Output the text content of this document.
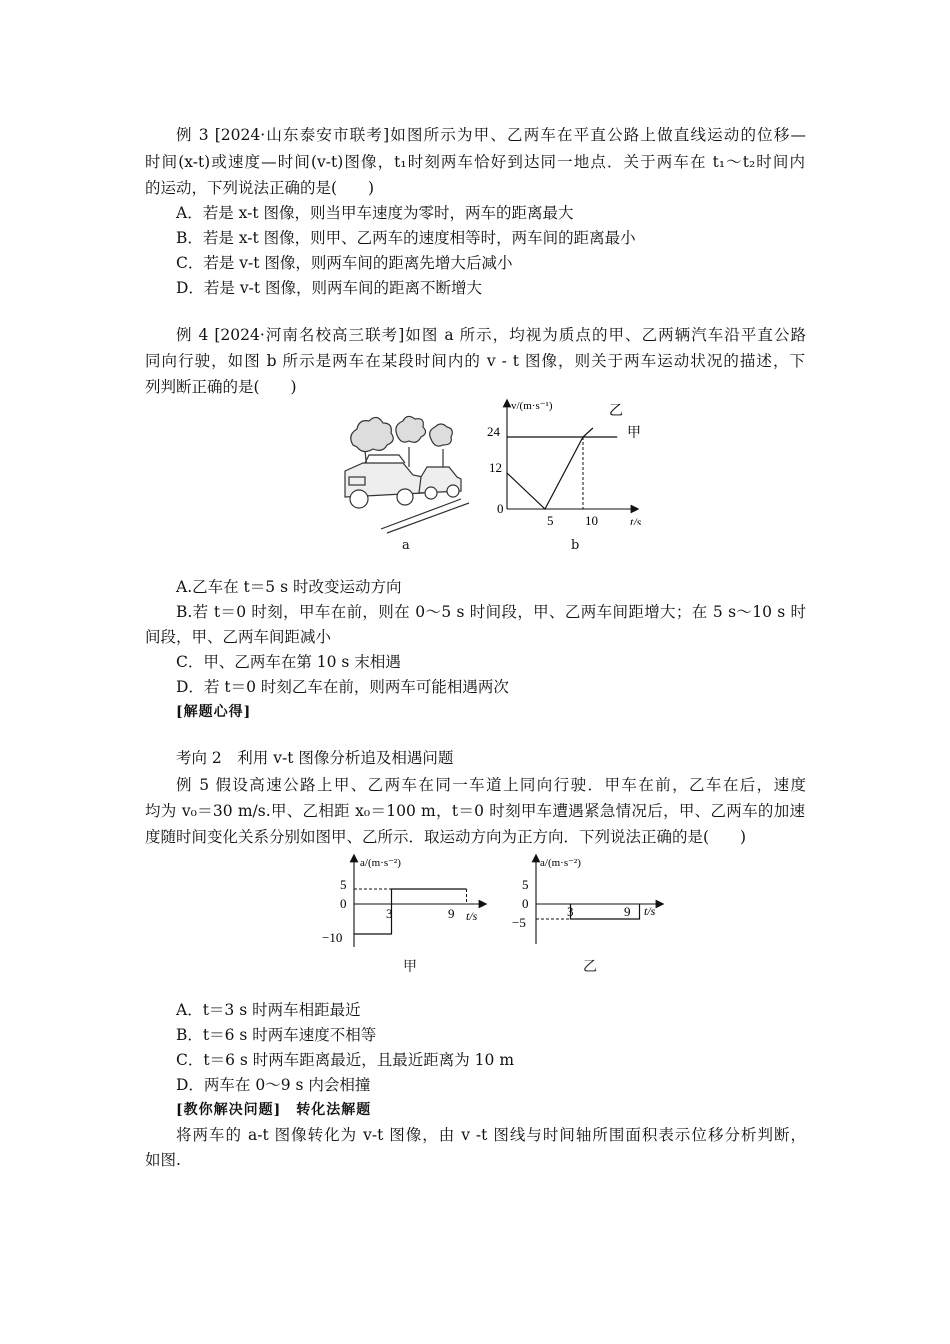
例 3 [2024·山东泰安市联考]如图所示为甲、乙两车在平直公路上做直线运动的位移—
时间(x-t)或速度—时间(v-t)图像，t₁时刻两车恰好到达同一地点．关于两车在 t₁～t₂时间内
的运动，下列说法正确的是(　　)
A．若是 x-t 图像，则当甲车速度为零时，两车的距离最大
B．若是 x-t 图像，则甲、乙两车的速度相等时，两车间的距离最小
C．若是 v-t 图像，则两车间的距离先增大后减小
D．若是 v-t 图像，则两车间的距离不断增大
例 4 [2024·河南名校高三联考]如图 a 所示，均视为质点的甲、乙两辆汽车沿平直公路
同向行驶，如图 b 所示是两车在某段时间内的 v - t 图像，则关于两车运动状况的描述，下
列判断正确的是(　　)
a
v/(m·s⁻¹)
t/s
24
12
0
5 10
甲
乙
b
A.乙车在 t＝5 s 时改变运动方向
B.若 t＝0 时刻，甲车在前，则在 0～5 s 时间段，甲、乙两车间距增大；在 5 s～10 s 时
间段，甲、乙两车间距减小
C．甲、乙两车在第 10 s 末相遇
D．若 t＝0 时刻乙车在前，则两车可能相遇两次
[解题心得]
考向 2　利用 v-t 图像分析追及相遇问题
例 5 假设高速公路上甲、乙两车在同一车道上同向行驶．甲车在前，乙车在后，速度
均为 v₀＝30 m/s.甲、乙相距 x₀＝100 m，t＝0 时刻甲车遭遇紧急情况后，甲、乙两车的加速
度随时间变化关系分别如图甲、乙所示．取运动方向为正方向．下列说法正确的是(　　)
a/(m·s⁻²)
t/s
5
0
−10
3	9
甲
a/(m·s⁻²)
t/s
5
0
−5
3	9
乙
A．t＝3 s 时两车相距最近
B．t＝6 s 时两车速度不相等
C．t＝6 s 时两车距离最近，且最近距离为 10 m
D．两车在 0～9 s 内会相撞
[教你解决问题]　转化法解题
将两车的 a-t 图像转化为 v-t 图像，由 v -t 图线与时间轴所围面积表示位移分析判断，
如图.
